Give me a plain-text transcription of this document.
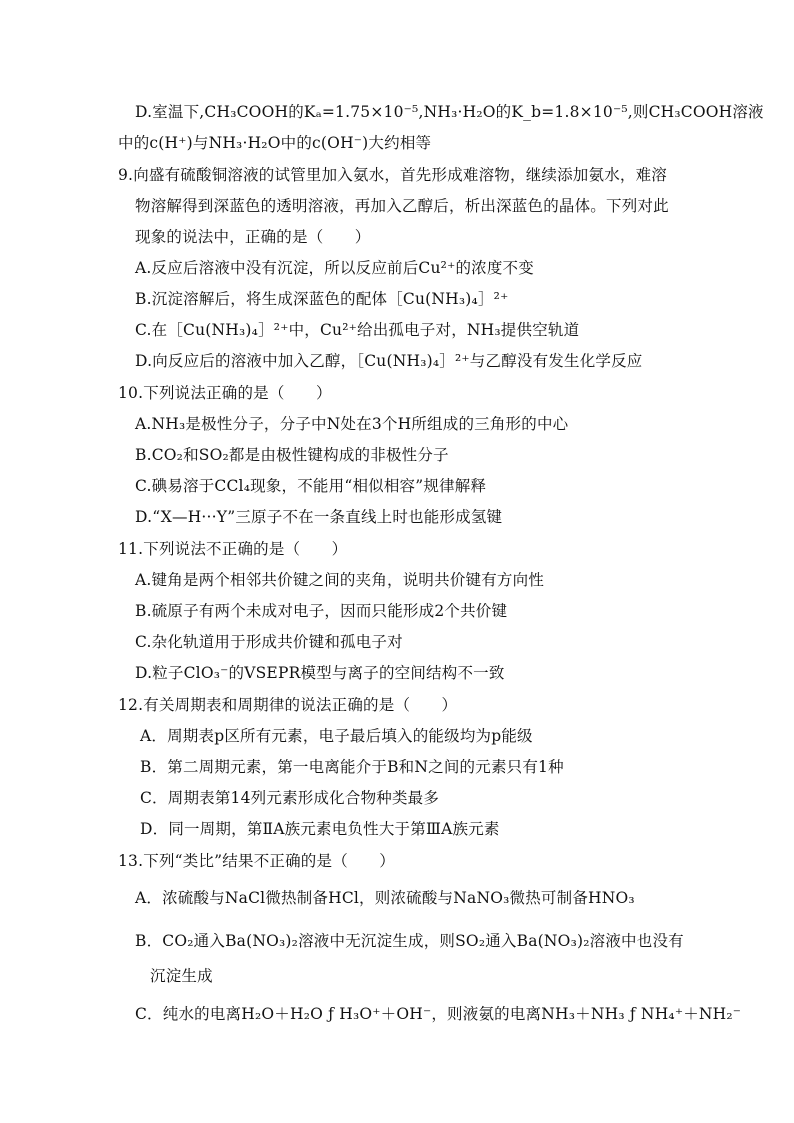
D.室温下,CH₃COOH的Kₐ=1.75×10⁻⁵,NH₃·H₂O的K_b=1.8×10⁻⁵,则CH₃COOH溶液
中的c(H⁺)与NH₃·H₂O中的c(OH⁻)大约相等
9.向盛有硫酸铜溶液的试管里加入氨水，首先形成难溶物，继续添加氨水，难溶
物溶解得到深蓝色的透明溶液，再加入乙醇后，析出深蓝色的晶体。下列对此
现象的说法中，正确的是（　　）
A.反应后溶液中没有沉淀，所以反应前后Cu²⁺的浓度不变
B.沉淀溶解后，将生成深蓝色的配体［Cu(NH₃)₄］²⁺
C.在［Cu(NH₃)₄］²⁺中，Cu²⁺给出孤电子对，NH₃提供空轨道
D.向反应后的溶液中加入乙醇，［Cu(NH₃)₄］²⁺与乙醇没有发生化学反应
10.下列说法正确的是（　　）
A.NH₃是极性分子，分子中N处在3个H所组成的三角形的中心
B.CO₂和SO₂都是由极性键构成的非极性分子
C.碘易溶于CCl₄现象，不能用“相似相容”规律解释
D.“X—H···Y”三原子不在一条直线上时也能形成氢键
11.下列说法不正确的是（　　）
A.键角是两个相邻共价键之间的夹角，说明共价键有方向性
B.硫原子有两个未成对电子，因而只能形成2个共价键
C.杂化轨道用于形成共价键和孤电子对
D.粒子ClO₃⁻的VSEPR模型与离子的空间结构不一致
12.有关周期表和周期律的说法正确的是（　　）
A．周期表p区所有元素，电子最后填入的能级均为p能级
B．第二周期元素，第一电离能介于B和N之间的元素只有1种
C．周期表第14列元素形成化合物种类最多
D．同一周期，第ⅡA族元素电负性大于第ⅢA族元素
13.下列“类比”结果不正确的是（　　）
A．浓硫酸与NaCl微热制备HCl，则浓硫酸与NaNO₃微热可制备HNO₃
B．CO₂通入Ba(NO₃)₂溶液中无沉淀生成，则SO₂通入Ba(NO₃)₂溶液中也没有
沉淀生成
C．纯水的电离H₂O＋H₂O ƒ H₃O⁺＋OH⁻，则液氨的电离NH₃＋NH₃ ƒ NH₄⁺＋NH₂⁻
